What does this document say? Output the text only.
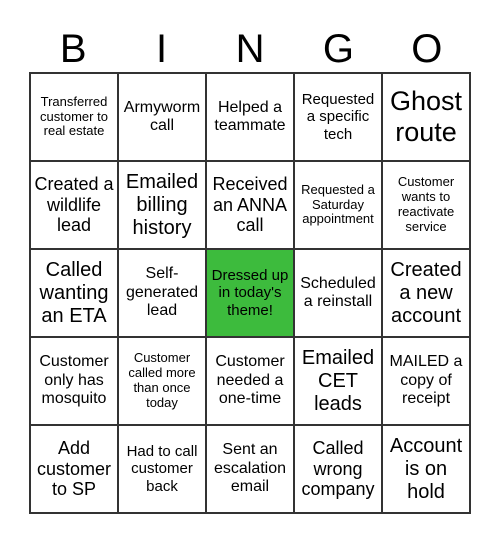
B	I	N	G	O
Transferred customer to real estate
Armyworm call
Helped a teammate
Requested a specific tech
Ghost route
Created a wildlife lead
Emailed billing history
Received an ANNA call
Requested a Saturday appointment
Customer wants to reactivate service
Called wanting an ETA
Self-generated lead
Dressed up in today's theme!
Scheduled a reinstall
Created a new account
Customer only has mosquito
Customer called more than once today
Customer needed a one-time
Emailed CET leads
MAILED a copy of receipt
Add customer to SP
Had to call customer back
Sent an escalation email
Called wrong company
Account is on hold
